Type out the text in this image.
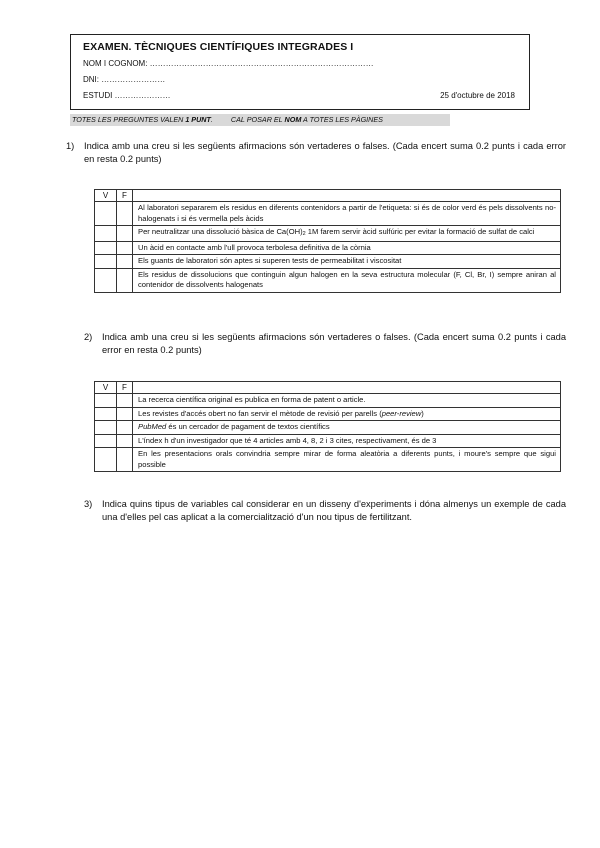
EXAMEN. TÈCNIQUES CIENTÍFIQUES INTEGRADES I
NOM I COGNOM: …………………………………………………………………………
DNI: ……………………
ESTUDI …………………	25 d'octubre de 2018
TOTES LES PREGUNTES VALEN 1 PUNT.	CAL POSAR EL NOM A TOTES LES PÀGINES
1) Indica amb una creu si les següents afirmacions són vertaderes o falses. (Cada encert suma 0.2 punts i cada error en resta 0.2 punts)
V	F	
		Al laboratori separarem els residus en diferents contenidors a partir de l'etiqueta: si és de color verd és pels dissolvents no-halogenats i si és vermella pels àcids
		Per neutralitzar una dissolució bàsica de $Ca(OH)_2$ 1M farem servir àcid sulfúric per evitar la formació de sulfat de calci
		Un àcid en contacte amb l'ull provoca terbolesa definitiva de la còrnia
		Els guants de laboratori són aptes si superen tests de permeabilitat i viscositat
		Els residus de dissolucions que continguin algun halogen en la seva estructura molecular (F, Cl, Br, I) sempre aniran al contenidor de dissolvents halogenats
2) Indica amb una creu si les següents afirmacions són vertaderes o falses. (Cada encert suma 0.2 punts i cada error en resta 0.2 punts)
V	F	
		La recerca científica original es publica en forma de patent o article.
		Les revistes d'accés obert no fan servir el mètode de revisió per parells (peer-review)
		PubMed és un cercador de pagament de textos científics
		L'índex h d'un investigador que té 4 articles amb 4, 8, 2 i 3 cites, respectivament, és de 3
		En les presentacions orals convindria sempre mirar de forma aleatòria a diferents punts, i moure's sempre que sigui possible
3) Indica quins tipus de variables cal considerar en un disseny d'experiments i dóna almenys un exemple de cada una d'elles pel cas aplicat a la comercialització d'un nou tipus de fertilitzant.
